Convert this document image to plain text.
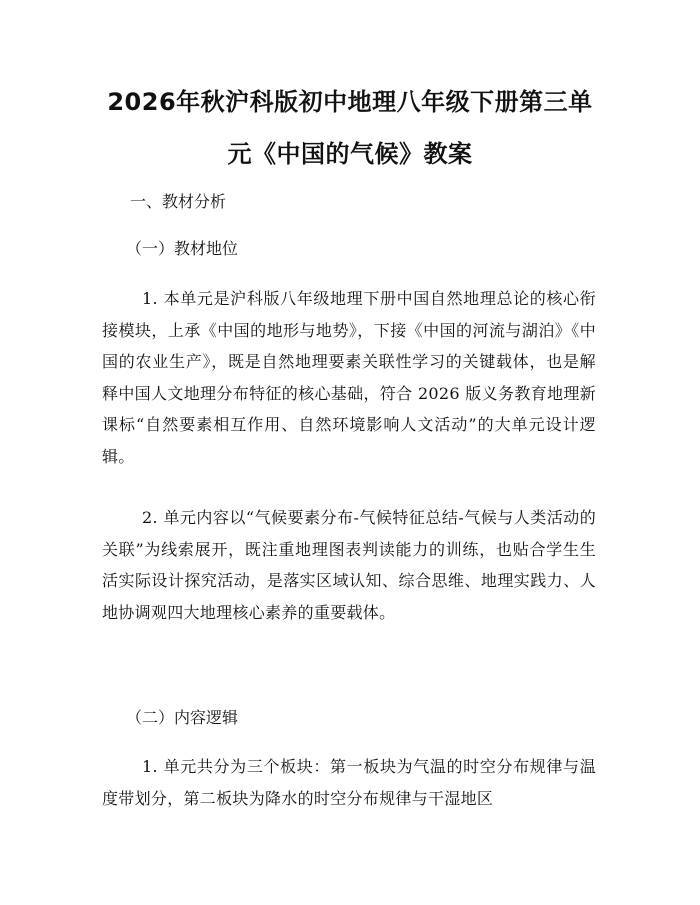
2026年秋沪科版初中地理八年级下册第三单
元《中国的气候》教案
一、教材分析
（一）教材地位
1. 本单元是沪科版八年级地理下册中国自然地理总论的核心衔接模块，上承《中国的地形与地势》，下接《中国的河流与湖泊》《中国的农业生产》，既是自然地理要素关联性学习的关键载体，也是解释中国人文地理分布特征的核心基础，符合 2026 版义务教育地理新课标“自然要素相互作用、自然环境影响人文活动”的大单元设计逻辑。
2. 单元内容以“气候要素分布-气候特征总结-气候与人类活动的关联”为线索展开，既注重地理图表判读能力的训练，也贴合学生生活实际设计探究活动，是落实区域认知、综合思维、地理实践力、人地协调观四大地理核心素养的重要载体。
（二）内容逻辑
1. 单元共分为三个板块：第一板块为气温的时空分布规律与温度带划分，第二板块为降水的时空分布规律与干湿地区
